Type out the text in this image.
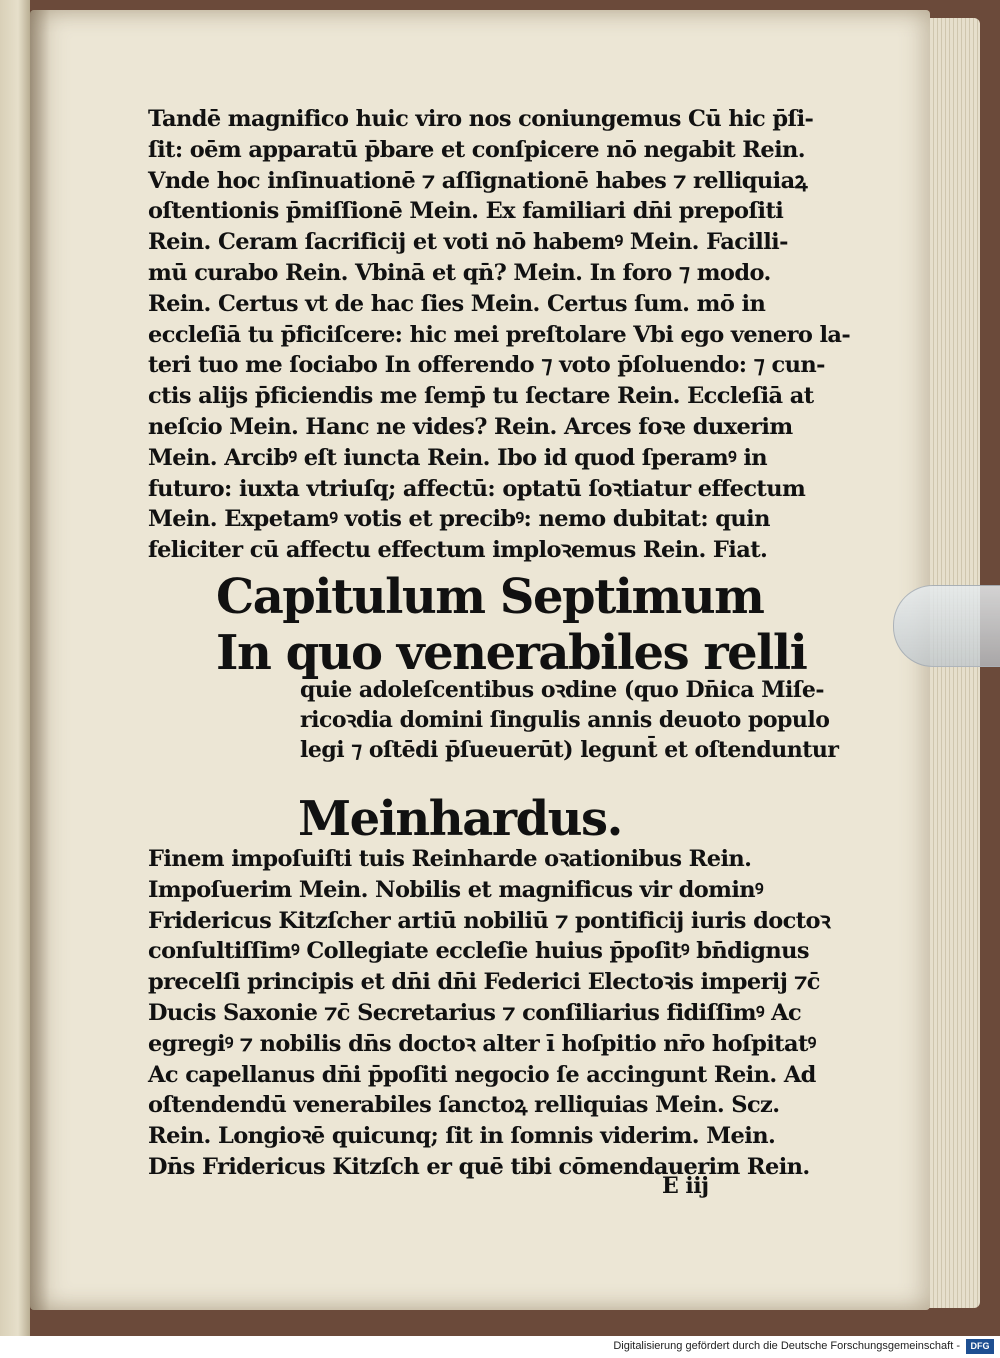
Tandē magnifico huic viro nos coniungemus Cū hic p̄ſi‑
ſit: oēm apparatū p̄bare et conſpicere nō negabit Rein.
Vnde hoc inſinuationē ⁊ aſſignationē habes ⁊ relliquiaꝝ
oſtentionis p̄miſſionē Mein. Ex familiari dn̄i prepoſiti
Rein. Ceram ſacrificij et voti nō habemꝰ Mein. Facilli‑
mū curabo Rein. Vbinā et qn̄? Mein. In foro ⁊ modo.
Rein. Certus vt de hac ſies Mein. Certus ſum. mō in
eccleſiā tu p̄ficiſcere: hic mei preſtolare Vbi ego venero la‑
teri tuo me ſociabo In offerendo ⁊ voto p̄ſoluendo: ⁊ cun‑
ctis alijs p̄ficiendis me ſemp̄ tu ſectare Rein. Eccleſiā at
neſcio Mein. Hanc ne vides? Rein. Arces foꝛe duxerim
Mein. Arcibꝰ eſt iuncta Rein. Ibo id quod ſperamꝰ in
futuro: iuxta vtriuſq; affectū: optatū ſoꝛtiatur effectum
Mein. Expetamꝰ votis et precibꝰ: nemo dubitat: quin
feliciter cū affectu effectum imploꝛemus Rein. Fiat.
Capitulum Septimum
In quo venerabiles relli
quie adoleſcentibus oꝛdine (quo Dn̄ica Miſe‑
ricoꝛdia domini ſingulis annis deuoto populo
legi ⁊ oſtēdi p̄ſueuerūt) legunt̄ et oſtenduntur
Meinhardus.
Finem impoſuiſti tuis Reinharde oꝛationibus Rein.
Impoſuerim Mein. Nobilis et magnificus vir dominꝰ
Fridericus Kitzſcher artiū nobiliū ⁊ pontificij iuris doctoꝛ
conſultiſſimꝰ Collegiate eccleſie huius p̄poſitꝰ bn̄dignus
precelſi principis et dn̄i dn̄i Federici Electoꝛis imperij ⁊c̄
Ducis Saxonie ⁊c̄ Secretarius ⁊ conſiliarius fidiſſimꝰ Ac
egregiꝰ ⁊ nobilis dn̄s doctoꝛ alter ī hoſpitio nr̄o hoſpitatꝰ
Ac capellanus dn̄i p̄poſiti negocio ſe accingunt Rein. Ad
oſtendendū venerabiles ſanctoꝝ relliquias Mein. Scz.
Rein. Longioꝛē quicunq; ſit in ſomnis viderim. Mein.
Dn̄s Fridericus Kitzſch er quē tibi cōmendauerim Rein.
E iij
Digitalisierung gefördert durch die Deutsche Forschungsgemeinschaft -	DFG
